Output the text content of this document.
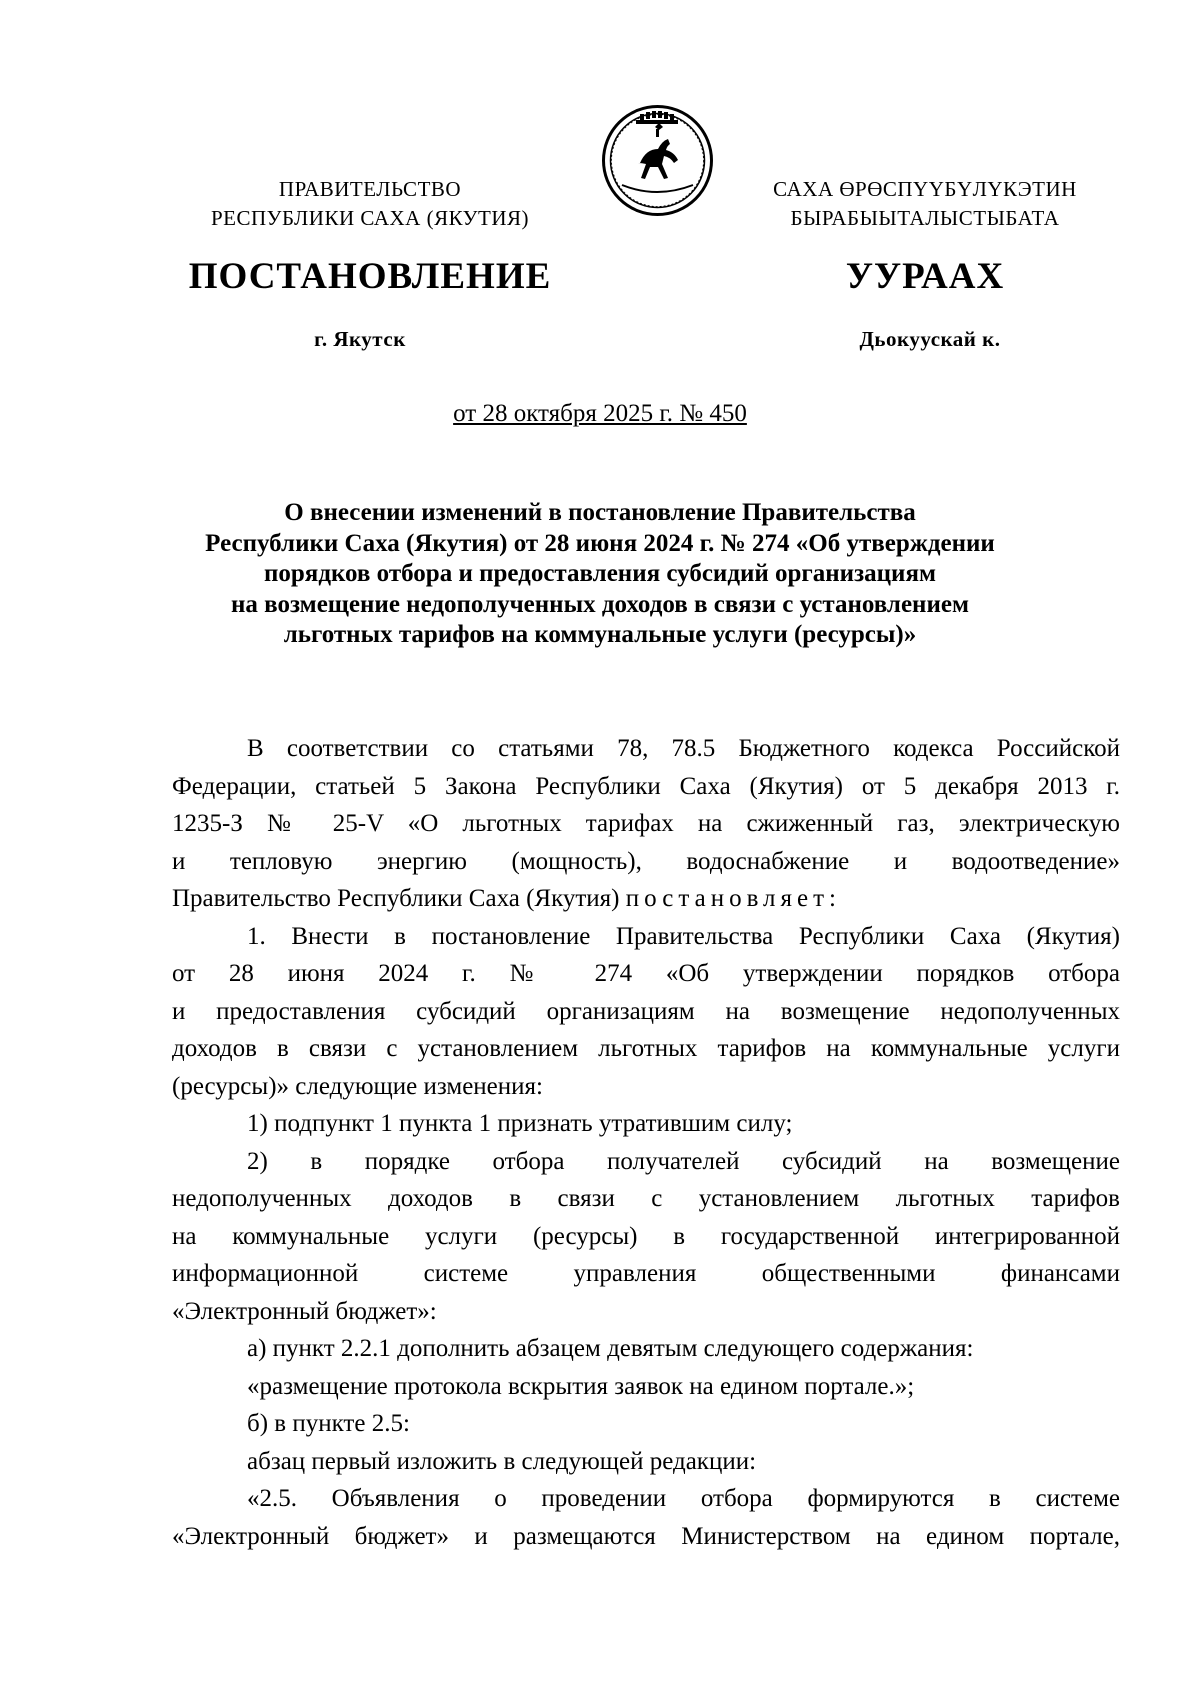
ПРАВИТЕЛЬСТВО
РЕСПУБЛИКИ САХА (ЯКУТИЯ)
САХА ӨРӨСПҮҮБҮЛҮКЭТИН
БЫРАБЫЫТАЛЫСТЫБАТА
ПОСТАНОВЛЕНИЕ	УУРААХ
г. Якутск	Дьокуускай к.
от 28 октября 2025 г. № 450
О внесении изменений в постановление Правительства
Республики Саха (Якутия) от 28 июня 2024 г. № 274 «Об утверждении
порядков отбора и предоставления субсидий организациям
на возмещение недополученных доходов в связи с установлением
льготных тарифов на коммунальные услуги (ресурсы)»

В соответствии со статьями 78, 78.5 Бюджетного кодекса Российской

Федерации, статьей 5 Закона Республики Саха (Якутия) от 5 декабря 2013 г.

1235-З № 25-V «О льготных тарифах на сжиженный газ, электрическую

и тепловую энергию (мощность), водоснабжение и водоотведение»

Правительство Республики Саха (Якутия) постановляет:

1. Внести в постановление Правительства Республики Саха (Якутия)

от 28 июня 2024 г. № 274 «Об утверждении порядков отбора

и предоставления субсидий организациям на возмещение недополученных

доходов в связи с установлением льготных тарифов на коммунальные услуги

(ресурсы)» следующие изменения:

1) подпункт 1 пункта 1 признать утратившим силу;

2) в порядке отбора получателей субсидий на возмещение

недополученных доходов в связи с установлением льготных тарифов

на коммунальные услуги (ресурсы) в государственной интегрированной

информационной системе управления общественными финансами

«Электронный бюджет»:

а) пункт 2.2.1 дополнить абзацем девятым следующего содержания:

«размещение протокола вскрытия заявок на едином портале.»;

б) в пункте 2.5:

абзац первый изложить в следующей редакции:

«2.5. Объявления о проведении отбора формируются в системе

«Электронный бюджет» и размещаются Министерством на едином портале,
